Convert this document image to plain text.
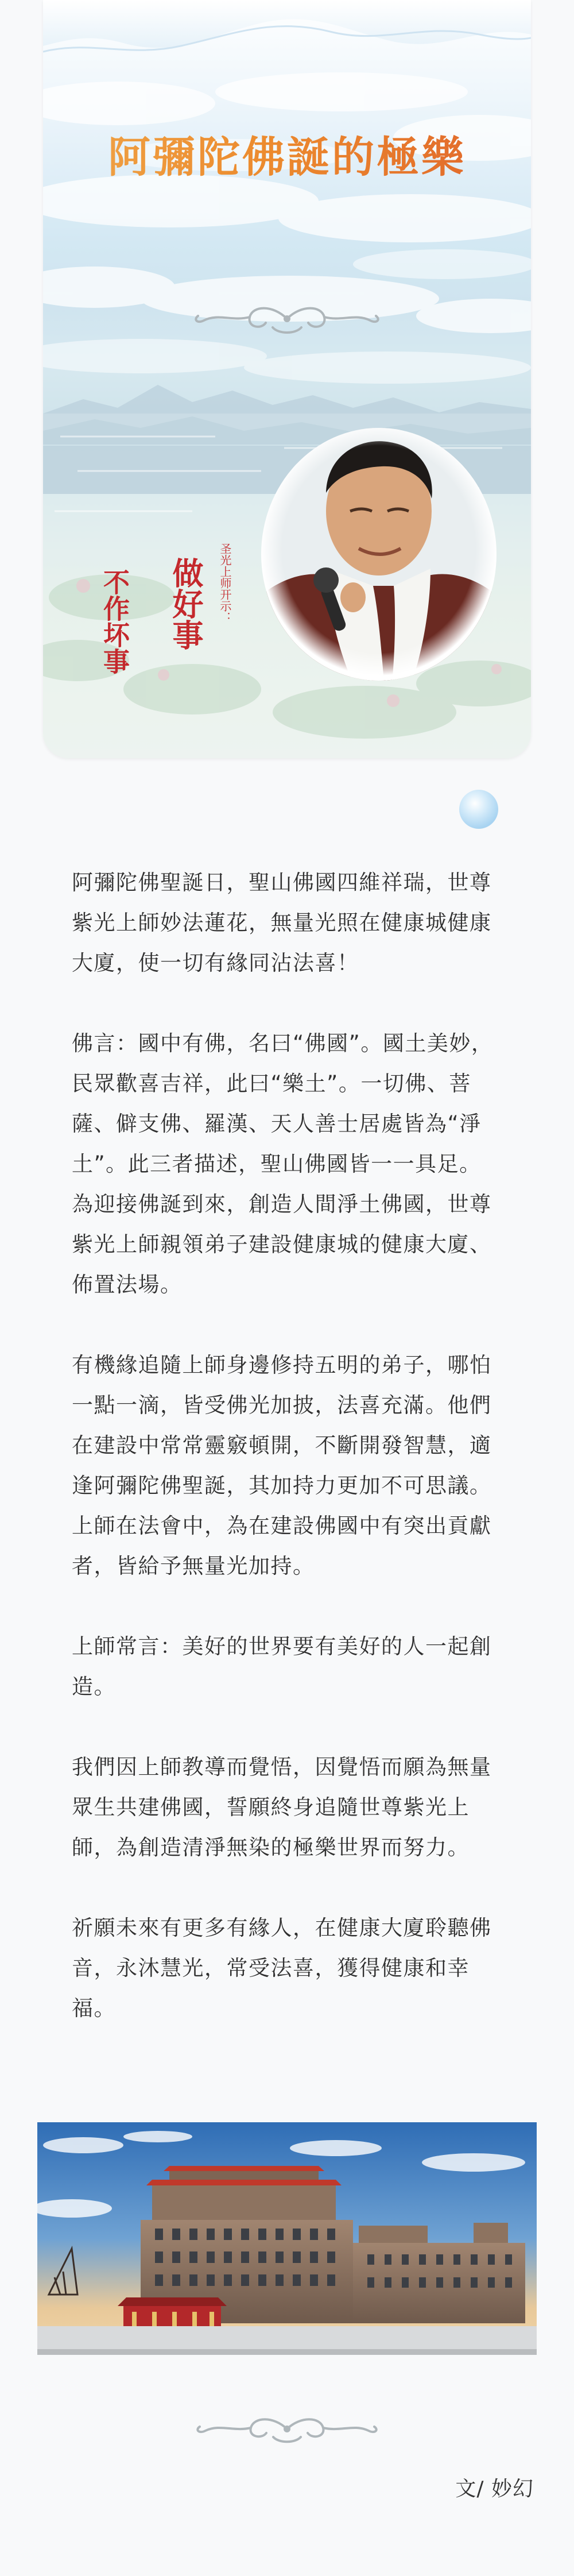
阿彌陀佛誕的極樂
不作坏事 做好事 圣光上师开示：

阿彌陀佛聖誕日，聖山佛國四維祥瑞，世尊紫光上師妙法蓮花，無量光照在健康城健康大廈，使一切有緣同沾法喜！

佛言：國中有佛，名曰“佛國”。國土美妙，民眾歡喜吉祥，此曰“樂土”。一切佛、菩薩、僻支佛、羅漢、天人善士居處皆為“淨土”。此三者描述，聖山佛國皆一一具足。

為迎接佛誕到來，創造人間淨土佛國，世尊紫光上師親領弟子建設健康城的健康大廈、佈置法場。

有機緣追隨上師身邊修持五明的弟子，哪怕一點一滴，皆受佛光加披，法喜充滿。他們在建設中常常靈竅頓開，不斷開發智慧，適逢阿彌陀佛聖誕，其加持力更加不可思議。上師在法會中，為在建設佛國中有突出貢獻者，皆給予無量光加持。

上師常言：美好的世界要有美好的人一起創造。

我們因上師教導而覺悟，因覺悟而願為無量眾生共建佛國，誓願終身追隨世尊紫光上師，為創造清淨無染的極樂世界而努力。

祈願未來有更多有緣人，在健康大廈聆聽佛音，永沐慧光，常受法喜，獲得健康和幸福。

文/ 妙幻
